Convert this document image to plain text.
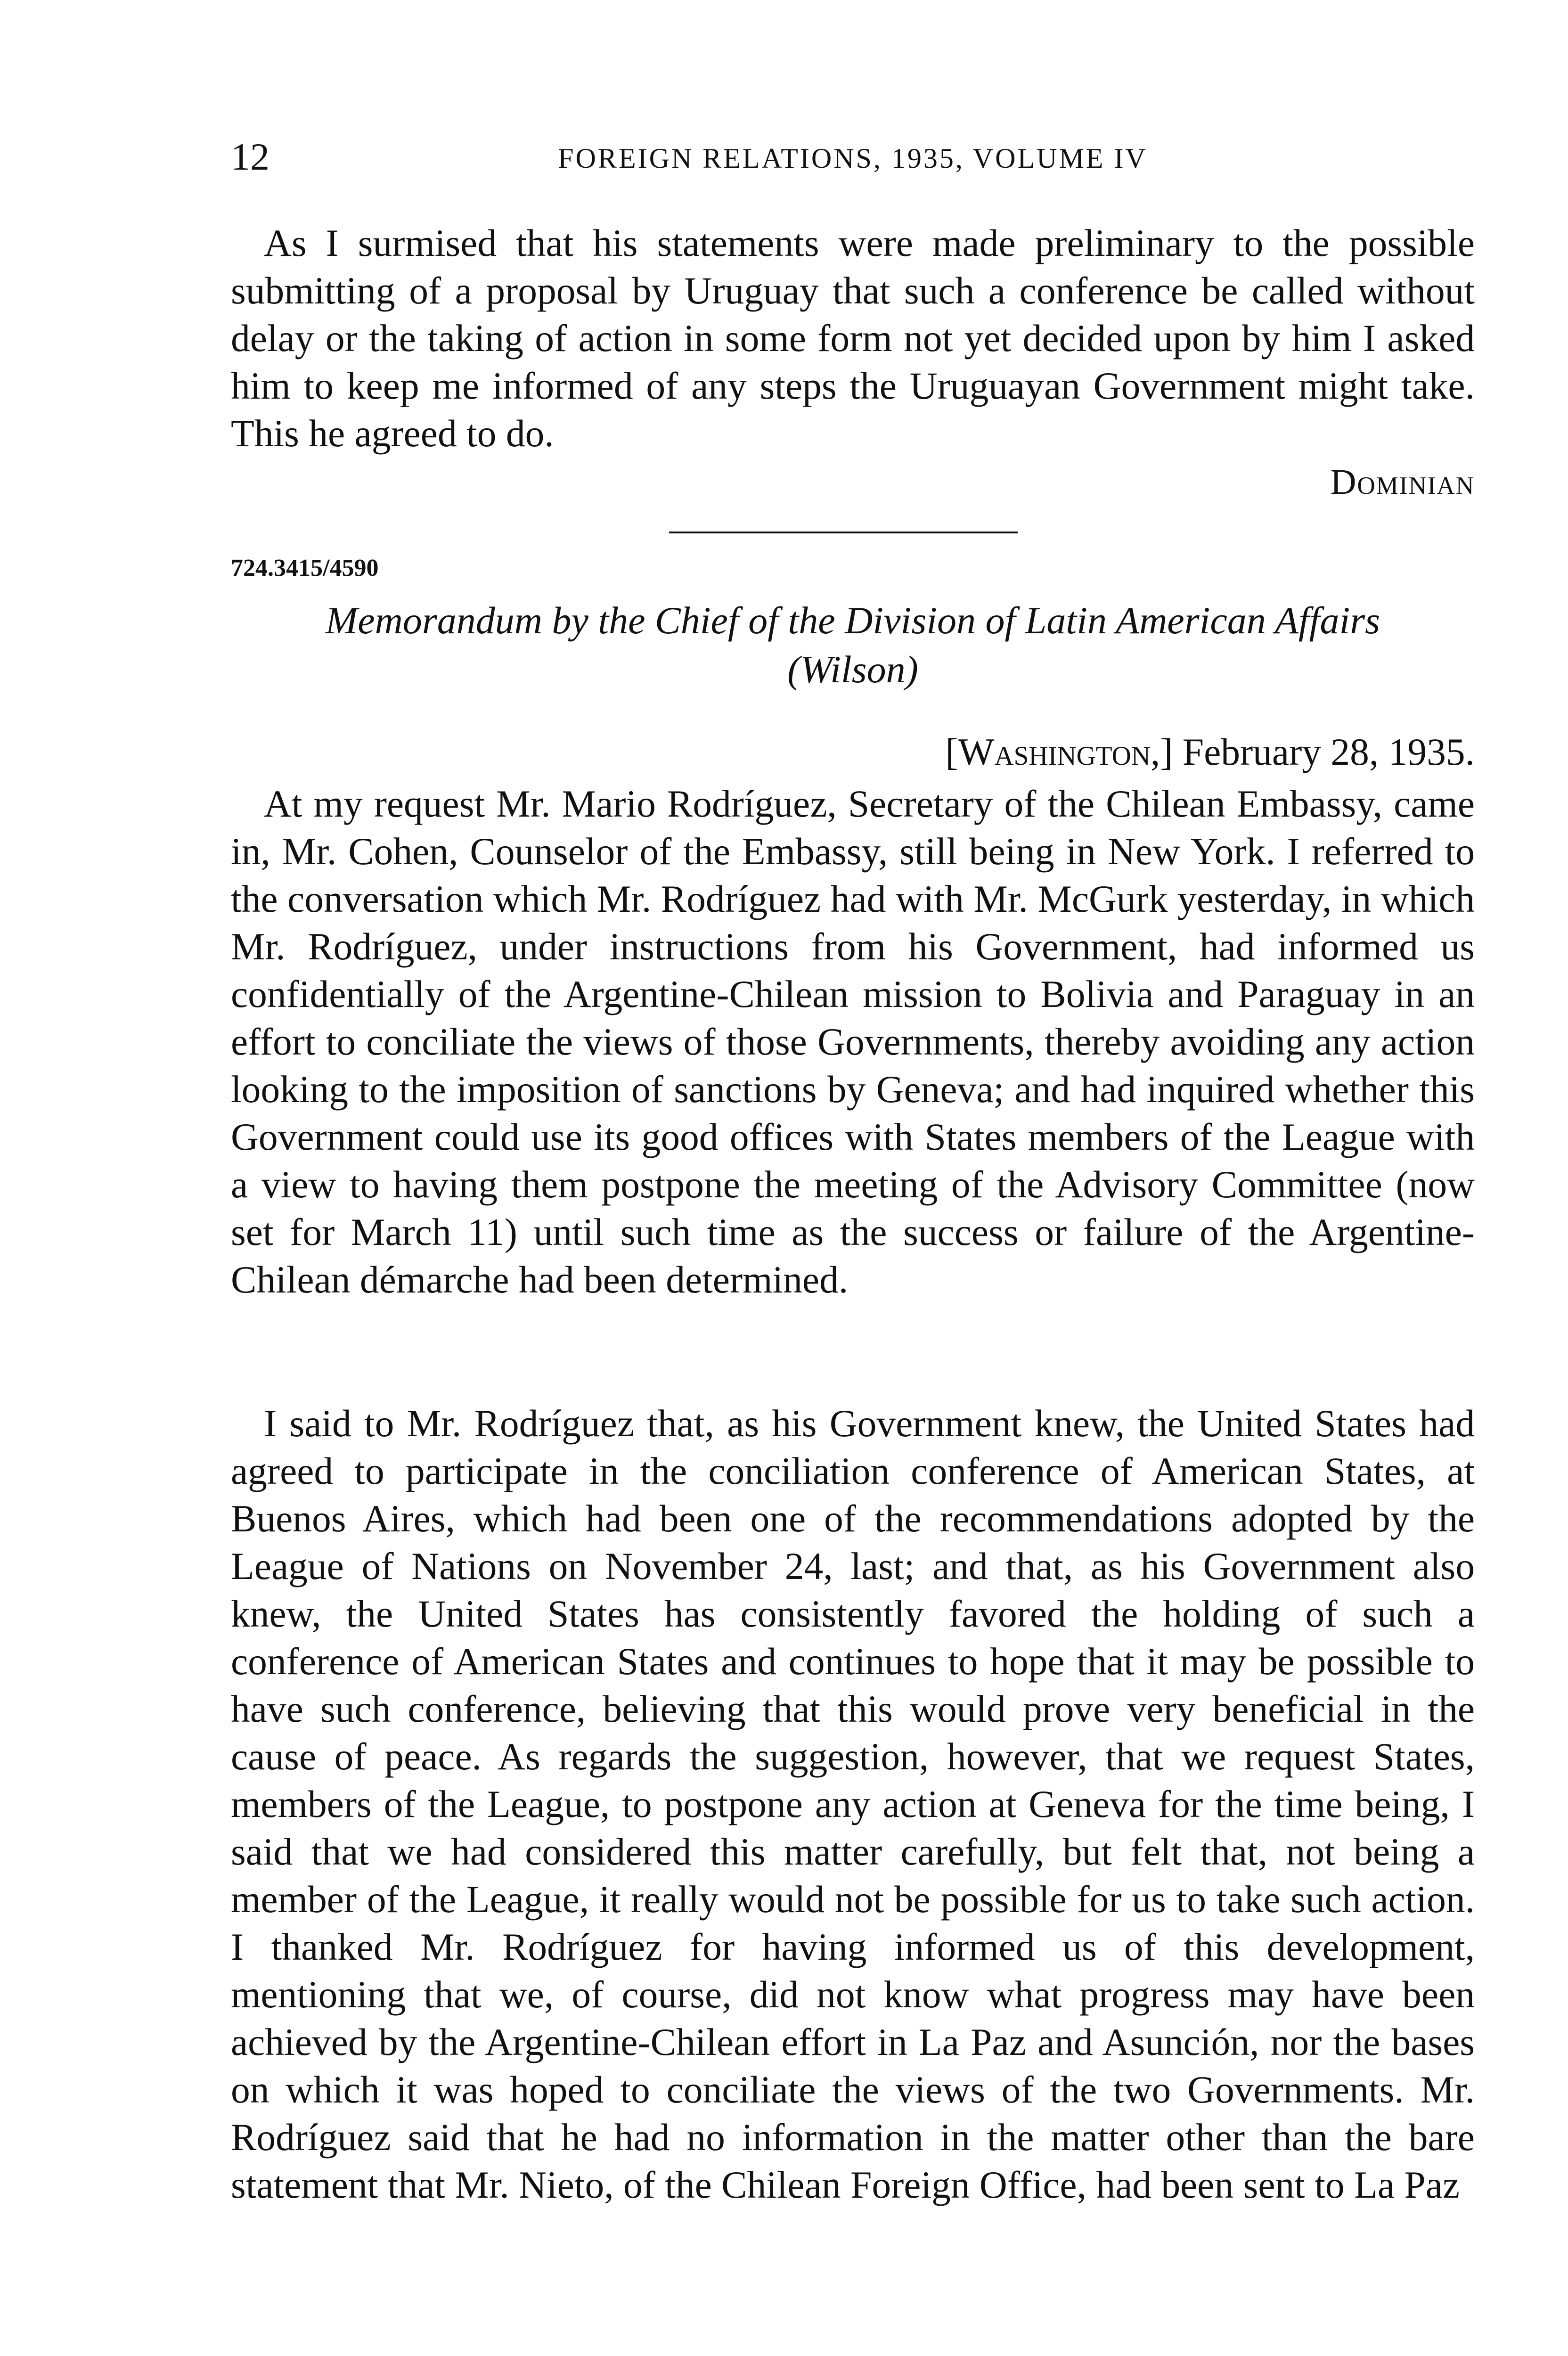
12	FOREIGN RELATIONS, 1935, VOLUME IV

As I surmised that his statements were made preliminary to the possible submitting of a proposal by Uruguay that such a conference be called without delay or the taking of action in some form not yet decided upon by him I asked him to keep me informed of any steps the Uruguayan Government might take. This he agreed to do.

Dominian
724.3415/4590
Memorandum by the Chief of the Division of Latin American Affairs (Wilson)
[Washington,] February 28, 1935.

At my request Mr. Mario Rodríguez, Secretary of the Chilean Embassy, came in, Mr. Cohen, Counselor of the Embassy, still being in New York. I referred to the conversation which Mr. Rodríguez had with Mr. McGurk yesterday, in which Mr. Rodríguez, under instructions from his Government, had informed us confidentially of the Argentine-Chilean mission to Bolivia and Paraguay in an effort to conciliate the views of those Governments, thereby avoiding any action looking to the imposition of sanctions by Geneva; and had inquired whether this Government could use its good offices with States members of the League with a view to having them postpone the meeting of the Advisory Committee (now set for March 11) until such time as the success or failure of the Argentine-Chilean démarche had been determined.

I said to Mr. Rodríguez that, as his Government knew, the United States had agreed to participate in the conciliation conference of American States, at Buenos Aires, which had been one of the recommendations adopted by the League of Nations on November 24, last; and that, as his Government also knew, the United States has consistently favored the holding of such a conference of American States and continues to hope that it may be possible to have such conference, believing that this would prove very beneficial in the cause of peace. As regards the suggestion, however, that we request States, members of the League, to postpone any action at Geneva for the time being, I said that we had considered this matter carefully, but felt that, not being a member of the League, it really would not be possible for us to take such action. I thanked Mr. Rodríguez for having informed us of this development, mentioning that we, of course, did not know what progress may have been achieved by the Argentine-Chilean effort in La Paz and Asunción, nor the bases on which it was hoped to conciliate the views of the two Governments. Mr. Rodríguez said that he had no information in the matter other than the bare statement that Mr. Nieto, of the Chilean Foreign Office, had been sent to La Paz
